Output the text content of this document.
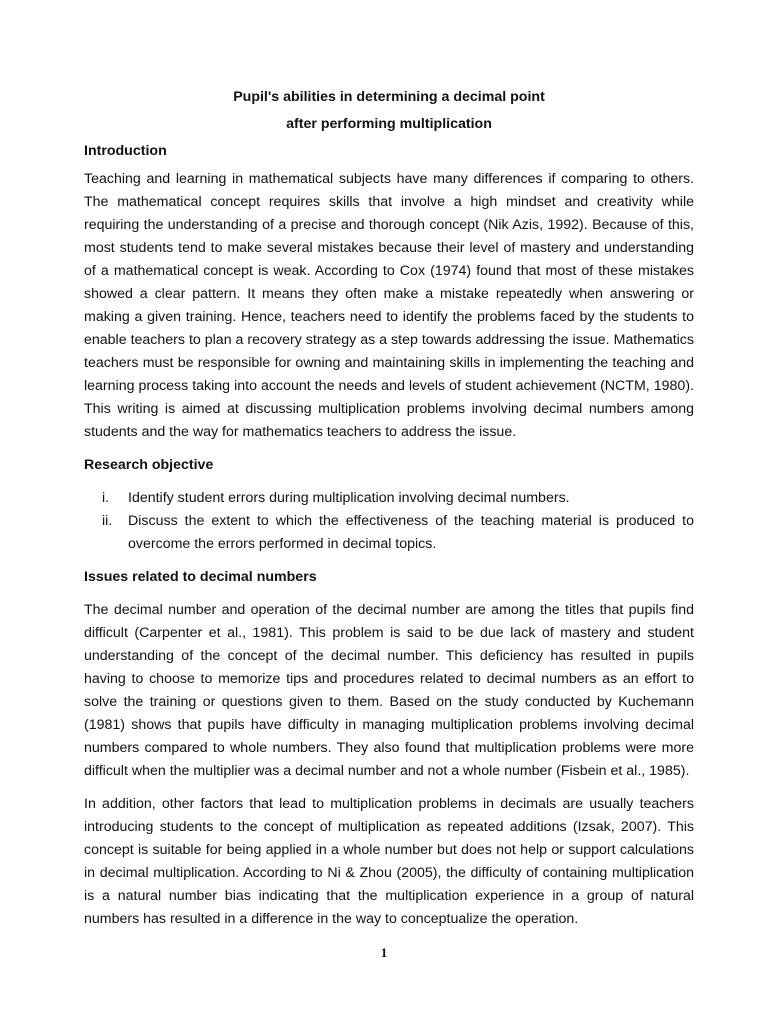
Pupil's abilities in determining a decimal point

after performing multiplication

Introduction

Teaching and learning in mathematical subjects have many differences if comparing to others. The mathematical concept requires skills that involve a high mindset and creativity while requiring the understanding of a precise and thorough concept (Nik Azis, 1992). Because of this, most students tend to make several mistakes because their level of mastery and understanding of a mathematical concept is weak. According to Cox (1974) found that most of these mistakes showed a clear pattern. It means they often make a mistake repeatedly when answering or making a given training. Hence, teachers need to identify the problems faced by the students to enable teachers to plan a recovery strategy as a step towards addressing the issue. Mathematics teachers must be responsible for owning and maintaining skills in implementing the teaching and learning process taking into account the needs and levels of student achievement (NCTM, 1980). This writing is aimed at discussing multiplication problems involving decimal numbers among students and the way for mathematics teachers to address the issue.

Research objective

i.	Identify student errors during multiplication involving decimal numbers.
ii.	Discuss the extent to which the effectiveness of the teaching material is produced to overcome the errors performed in decimal topics.

Issues related to decimal numbers

The decimal number and operation of the decimal number are among the titles that pupils find difficult (Carpenter et al., 1981). This problem is said to be due lack of mastery and student understanding of the concept of the decimal number. This deficiency has resulted in pupils having to choose to memorize tips and procedures related to decimal numbers as an effort to solve the training or questions given to them. Based on the study conducted by Kuchemann (1981) shows that pupils have difficulty in managing multiplication problems involving decimal numbers compared to whole numbers. They also found that multiplication problems were more difficult when the multiplier was a decimal number and not a whole number (Fisbein et al., 1985).

In addition, other factors that lead to multiplication problems in decimals are usually teachers introducing students to the concept of multiplication as repeated additions (Izsak, 2007). This concept is suitable for being applied in a whole number but does not help or support calculations in decimal multiplication. According to Ni & Zhou (2005), the difficulty of containing multiplication is a natural number bias indicating that the multiplication experience in a group of natural numbers has resulted in a difference in the way to conceptualize the operation.

1
